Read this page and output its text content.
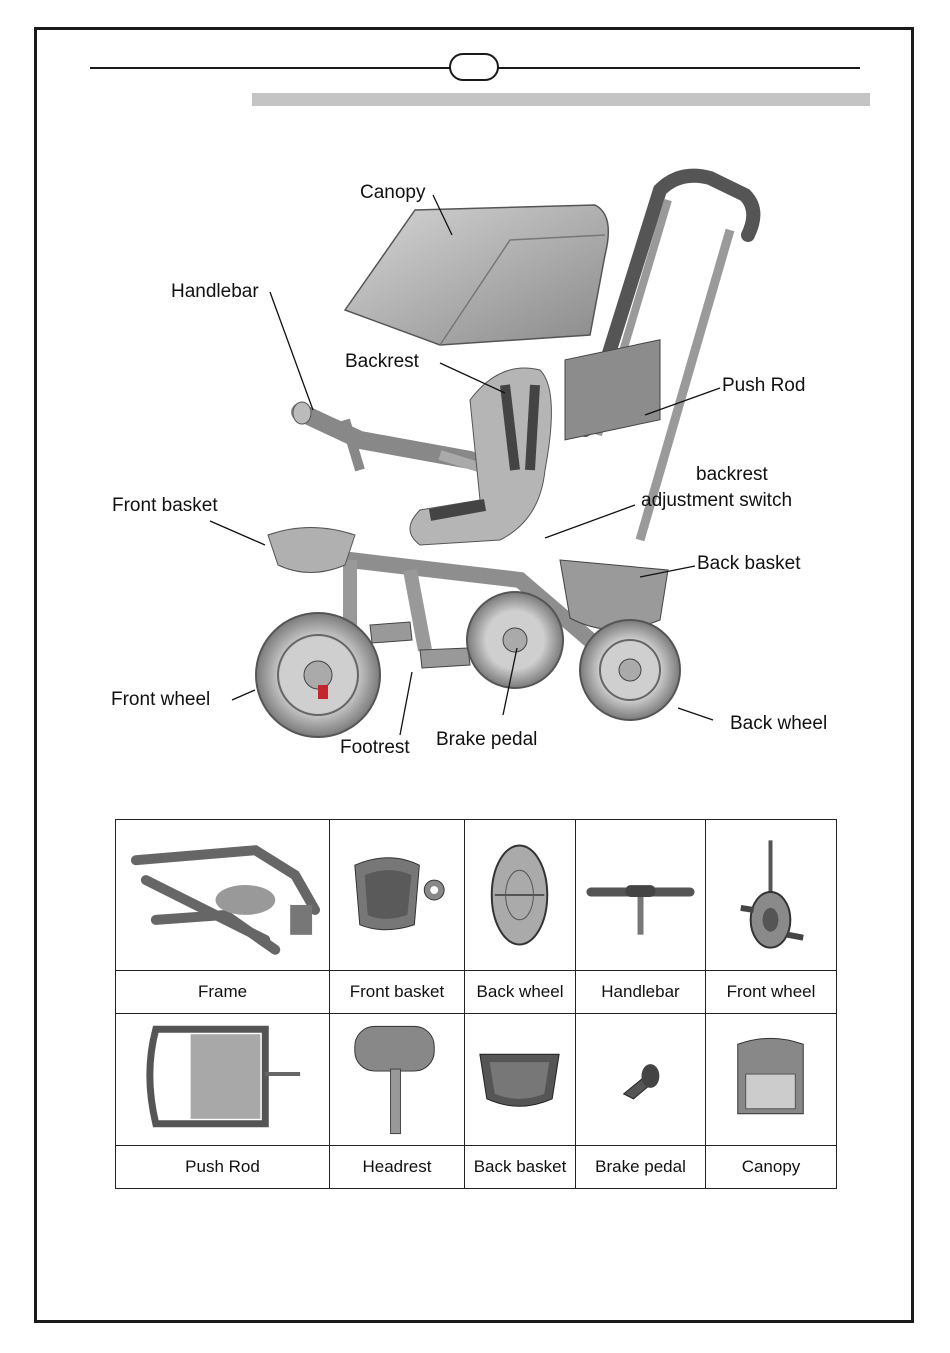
Canopy
Handlebar
Backrest
Push Rod
backrest
adjustment switch
Front basket
Back basket
Front wheel
Back wheel
Footrest Brake pedal

Frame	Front basket	Back wheel	Handlebar	Front wheel

Push Rod	Headrest	Back basket	Brake pedal	Canopy
